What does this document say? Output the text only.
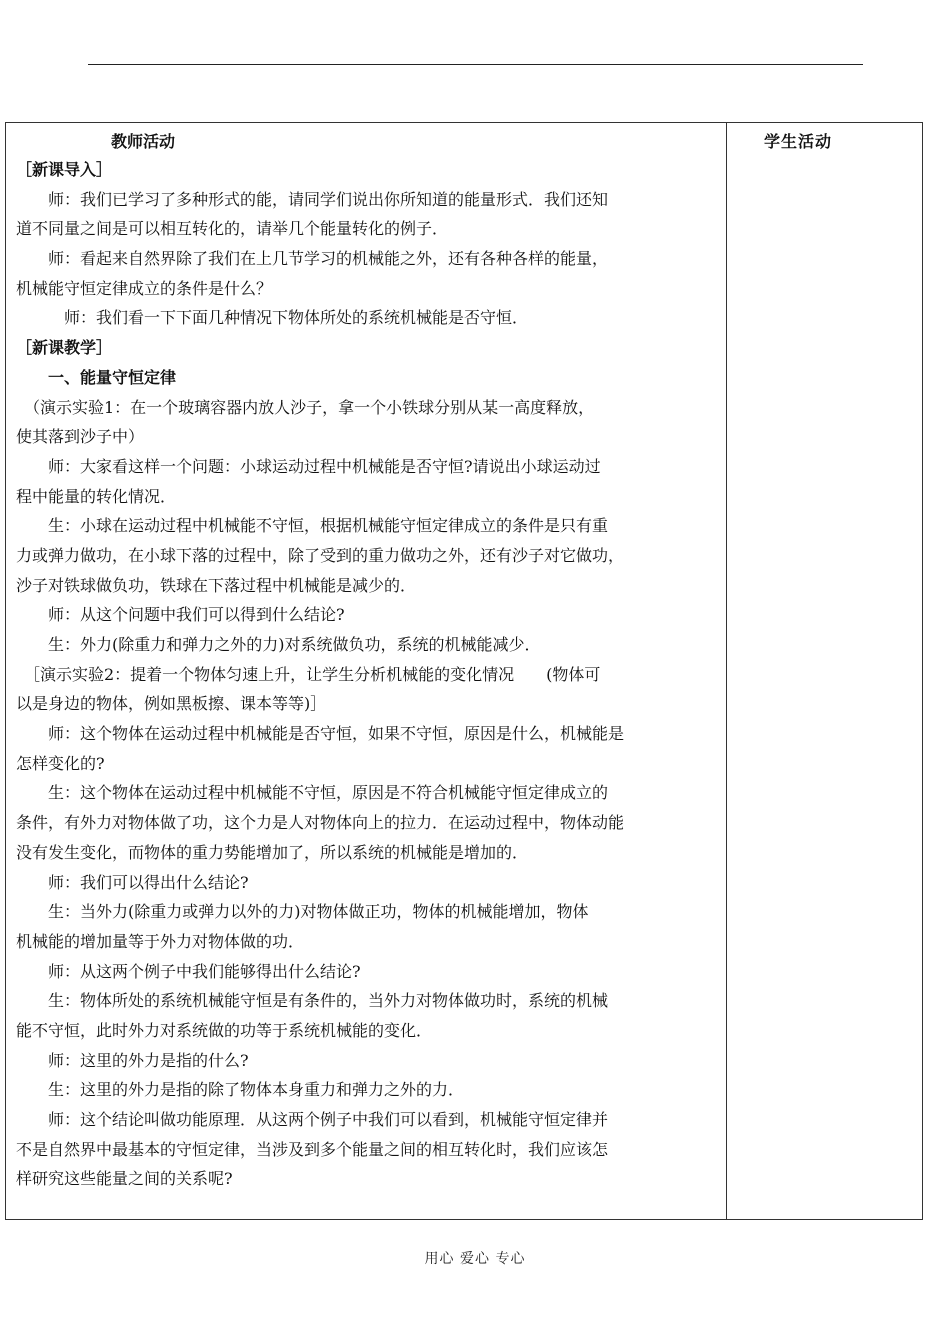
教师活动	学生活动
［新课导入］
　　师：我们已学习了多种形式的能，请同学们说出你所知道的能量形式．我们还知
道不同量之间是可以相互转化的，请举几个能量转化的例子．
　　师：看起来自然界除了我们在上几节学习的机械能之外，还有各种各样的能量，
机械能守恒定律成立的条件是什么？
　　　师：我们看一下下面几种情况下物体所处的系统机械能是否守恒．
［新课教学］
　　一、能量守恒定律
　（演示实验1：在一个玻璃容器内放人沙子，拿一个小铁球分别从某一高度释放，
使其落到沙子中）
　　师：大家看这样一个问题：小球运动过程中机械能是否守恒?请说出小球运动过
程中能量的转化情况．
　　生：小球在运动过程中机械能不守恒，根据机械能守恒定律成立的条件是只有重
力或弹力做功，在小球下落的过程中，除了受到的重力做功之外，还有沙子对它做功，
沙子对铁球做负功，铁球在下落过程中机械能是减少的．
　　师：从这个问题中我们可以得到什么结论?
　　生：外力(除重力和弹力之外的力)对系统做负功，系统的机械能减少．
　［演示实验2：提着一个物体匀速上升，让学生分析机械能的变化情况　　(物体可
以是身边的物体，例如黑板擦、课本等等)］
　　师：这个物体在运动过程中机械能是否守恒，如果不守恒，原因是什么，机械能是
怎样变化的?
　　生：这个物体在运动过程中机械能不守恒，原因是不符合机械能守恒定律成立的
条件，有外力对物体做了功，这个力是人对物体向上的拉力．在运动过程中，物体动能
没有发生变化，而物体的重力势能增加了，所以系统的机械能是增加的．
　　师：我们可以得出什么结论?
　　生：当外力(除重力或弹力以外的力)对物体做正功，物体的机械能增加，物体
机械能的增加量等于外力对物体做的功．
　　师：从这两个例子中我们能够得出什么结论?
　　生：物体所处的系统机械能守恒是有条件的，当外力对物体做功时，系统的机械
能不守恒，此时外力对系统做的功等于系统机械能的变化．
　　师：这里的外力是指的什么?
　　生：这里的外力是指的除了物体本身重力和弹力之外的力．
　　师：这个结论叫做功能原理．从这两个例子中我们可以看到，机械能守恒定律并
不是自然界中最基本的守恒定律，当涉及到多个能量之间的相互转化时，我们应该怎
样研究这些能量之间的关系呢?
用心 爱心 专心
